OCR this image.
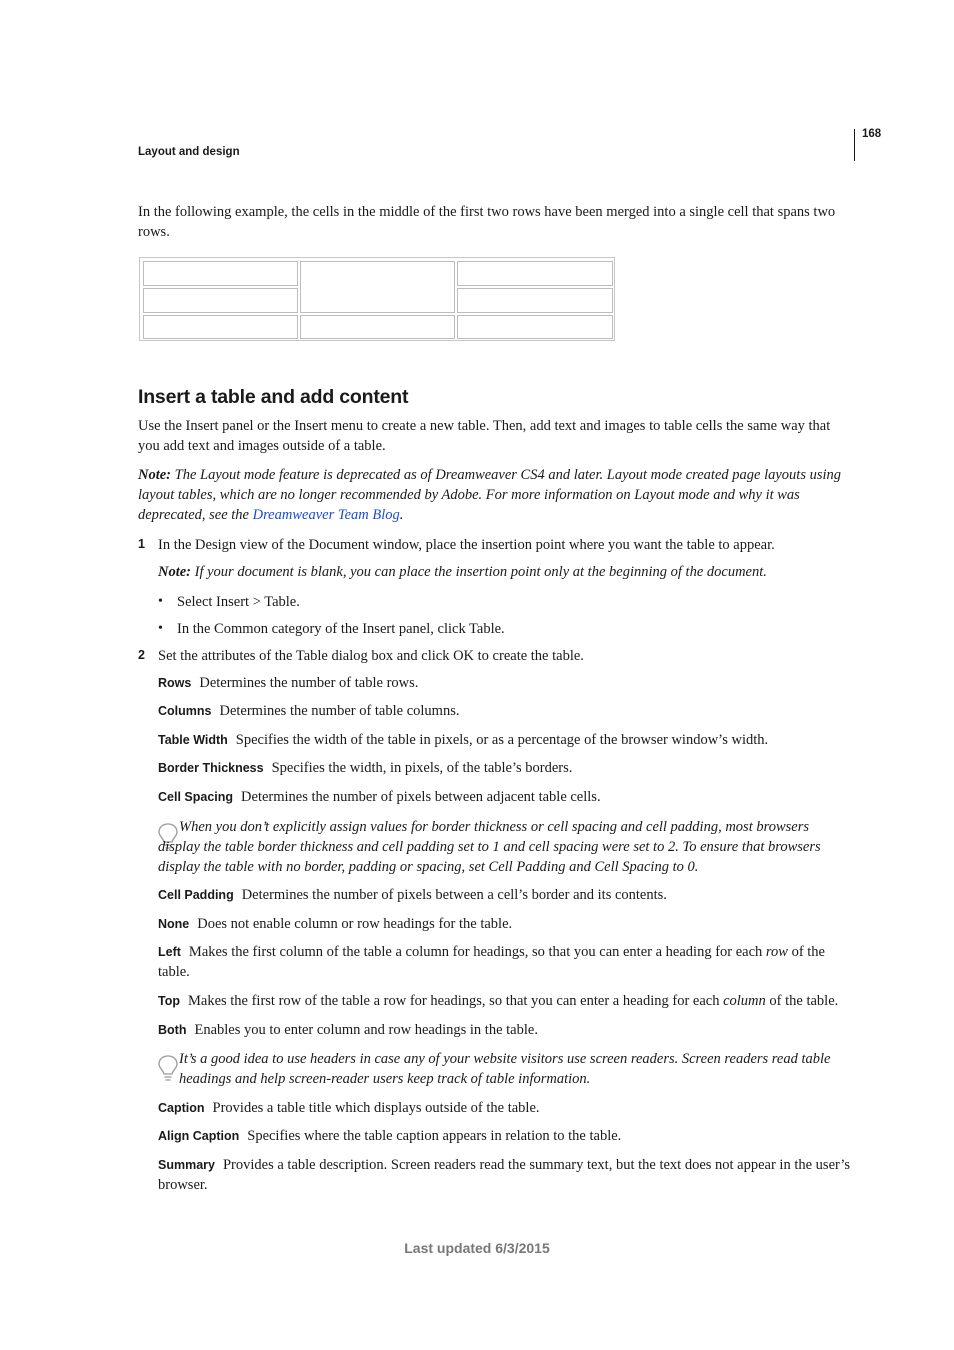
Layout and design
168
In the following example, the cells in the middle of the first two rows have been merged into a single cell that spans two rows.
Insert a table and add content
Use the Insert panel or the Insert menu to create a new table. Then, add text and images to table cells the same way that you add text and images outside of a table.
Note: The Layout mode feature is deprecated as of Dreamweaver CS4 and later. Layout mode created page layouts using layout tables, which are no longer recommended by Adobe. For more information on Layout mode and why it was deprecated, see the Dreamweaver Team Blog.
1 In the Design view of the Document window, place the insertion point where you want the table to appear.
Note: If your document is blank, you can place the insertion point only at the beginning of the document.
• Select Insert > Table.
• In the Common category of the Insert panel, click Table.
2 Set the attributes of the Table dialog box and click OK to create the table.
Rows Determines the number of table rows.
Columns Determines the number of table columns.
Table Width Specifies the width of the table in pixels, or as a percentage of the browser window’s width.
Border Thickness Specifies the width, in pixels, of the table’s borders.
Cell Spacing Determines the number of pixels between adjacent table cells.
When you don’t explicitly assign values for border thickness or cell spacing and cell padding, most browsers display the table border thickness and cell padding set to 1 and cell spacing were set to 2. To ensure that browsers display the table with no border, padding or spacing, set Cell Padding and Cell Spacing to 0.
Cell Padding Determines the number of pixels between a cell’s border and its contents.
None Does not enable column or row headings for the table.
Left Makes the first column of the table a column for headings, so that you can enter a heading for each row of the table.
Top Makes the first row of the table a row for headings, so that you can enter a heading for each column of the table.
Both Enables you to enter column and row headings in the table.
It’s a good idea to use headers in case any of your website visitors use screen readers. Screen readers read table headings and help screen-reader users keep track of table information.
Caption Provides a table title which displays outside of the table.
Align Caption Specifies where the table caption appears in relation to the table.
Summary Provides a table description. Screen readers read the summary text, but the text does not appear in the user’s browser.
Last updated 6/3/2015
